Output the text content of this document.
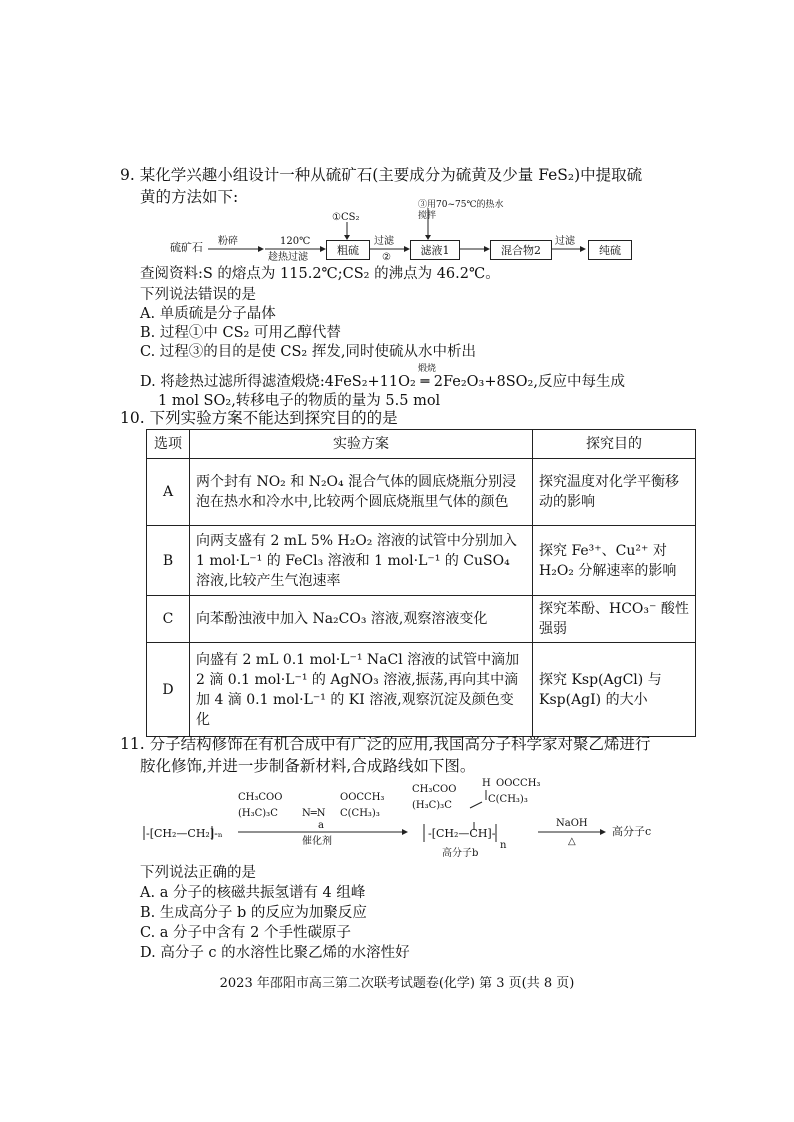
9. 某化学兴趣小组设计一种从硫矿石(主要成分为硫黄及少量 FeS₂)中提取硫
黄的方法如下:
硫矿石 粉碎	120℃
趁热过滤
①CS₂
粗硫
过滤
②
③用70~75℃的热水搅拌
滤液1	混合物2
过滤
纯硫
查阅资料:S 的熔点为 115.2℃;CS₂ 的沸点为 46.2℃。
下列说法错误的是
A. 单质硫是分子晶体
B. 过程①中 CS₂ 可用乙醇代替
C. 过程③的目的是使 CS₂ 挥发,同时使硫从水中析出
煅烧
D. 将趁热过滤所得滤渣煅烧:4FeS₂+11O₂ ═ 2Fe₂O₃+8SO₂,反应中每生成
1 mol SO₂,转移电子的物质的量为 5.5 mol
10. 下列实验方案不能达到探究目的的是
选项	实验方案	探究目的
A	两个封有 NO₂ 和 N₂O₄ 混合气体的圆底烧瓶分别浸泡在热水和冷水中,比较两个圆底烧瓶里气体的颜色	探究温度对化学平衡移动的影响
B	向两支盛有 2 mL 5% H₂O₂ 溶液的试管中分别加入 1 mol·L⁻¹ 的 FeCl₃ 溶液和 1 mol·L⁻¹ 的 CuSO₄ 溶液,比较产生气泡速率	探究 Fe³⁺、Cu²⁺ 对 H₂O₂ 分解速率的影响
C	向苯酚浊液中加入 Na₂CO₃ 溶液,观察溶液变化	探究苯酚、HCO₃⁻ 酸性强弱
D	向盛有 2 mL 0.1 mol·L⁻¹ NaCl 溶液的试管中滴加 2 滴 0.1 mol·L⁻¹ 的 AgNO₃ 溶液,振荡,再向其中滴加 4 滴 0.1 mol·L⁻¹ 的 KI 溶液,观察沉淀及颜色变化	探究 Ksp(AgCl) 与 Ksp(AgI) 的大小
11. 分子结构修饰在有机合成中有广泛的应用,我国高分子科学家对聚乙烯进行
胺化修饰,并进一步制备新材料,合成路线如下图。
-[CH₂—CH₂]-ₙ
CH₃COO
(H₃C)₃C N═N
OOCCH₃
C(CH₃)₃
a
催化剂
CH₃COO
(H₃C)₃C
H OOCCH₃
C(CH₃)₃
-[CH₂—CH]-
n
高分子b
NaOH
△
高分子c
下列说法正确的是
A. a 分子的核磁共振氢谱有 4 组峰
B. 生成高分子 b 的反应为加聚反应
C. a 分子中含有 2 个手性碳原子
D. 高分子 c 的水溶性比聚乙烯的水溶性好
2023 年邵阳市高三第二次联考试题卷(化学) 第 3 页(共 8 页)
